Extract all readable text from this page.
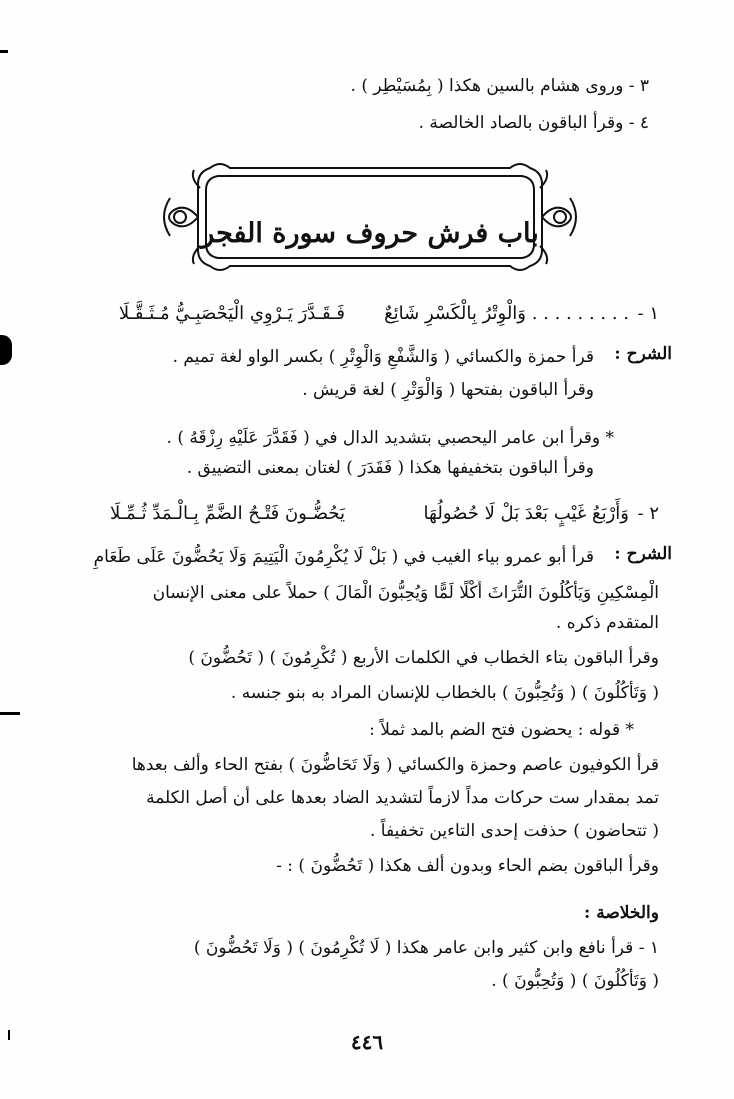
٣ - وروى هشام بالسين هكذا ( بِمُسَيْطِر ) .
٤ - وقرأ الباقون بالصاد الخالصة .
باب فرش حروف سورة الفجر
١ -
. . . . . . . . . وَالْوِتْرُ بِالْكَسْرِ شَائِعٌ
فَـقَـدَّرَ يَـرْوِي الْيَحْصَبِـيُّ مُـثَـقَّـلَا
الشرح :
قرأ حمزة والكسائي ( وَالشَّفْعِ وَالْوِتْرِ ) بكسر الواو لغة تميم .
وقرأ الباقون بفتحها ( وَالْوَتْرِ ) لغة قريش .
* وقرأ ابن عامر اليحصبي بتشديد الدال في ( فَقَدَّرَ عَلَيْهِ رِزْقَهُ ) .
وقرأ الباقون بتخفيفها هكذا ( فَقَدَرَ ) لغتان بمعنى التضييق .
٢ -
وَأَرْبَعُ غَيْبٍ بَعْدَ بَلْ لَا حُصُولُهَا
يَحُضُّـونَ فَتْـحُ الضَّمِّ بِـالْـمَدِّ ثُـمِّـلَا
الشرح :
قرأ أبو عمرو بياء الغيب في ( بَلْ لَا يُكْرِمُونَ الْيَتِيمَ وَلَا يَحُضُّونَ عَلَى طَعَامِ
الْمِسْكِينِ وَيَأْكُلُونَ التُّرَاثَ أَكْلًا لَمًّا وَيُحِبُّونَ الْمَالَ ) حملاً على معنى الإنسان
المتقدم ذكره .
وقرأ الباقون بتاء الخطاب في الكلمات الأربع ( تُكْرِمُونَ ) ( تَحُضُّونَ )
( وَتَأْكُلُونَ ) ( وَتُحِبُّونَ ) بالخطاب للإنسان المراد به بنو جنسه .
* قوله : يحضون فتح الضم بالمد ثملاً :
قرأ الكوفيون عاصم وحمزة والكسائي ( وَلَا تَحَاضُّونَ ) بفتح الحاء وألف بعدها
تمد بمقدار ست حركات مداً لازماً لتشديد الضاد بعدها على أن أصل الكلمة
( تتحاضون ) حذفت إحدى التاءين تخفيفاً .
وقرأ الباقون بضم الحاء وبدون ألف هكذا ( تَحُضُّونَ ) : -
والخلاصة :
١ - قرأ نافع وابن كثير وابن عامر هكذا ( لَا تُكْرِمُونَ ) ( وَلَا تَحُضُّونَ )
( وَتَأْكُلُونَ ) ( وَتُحِبُّونَ ) .
٤٤٦
